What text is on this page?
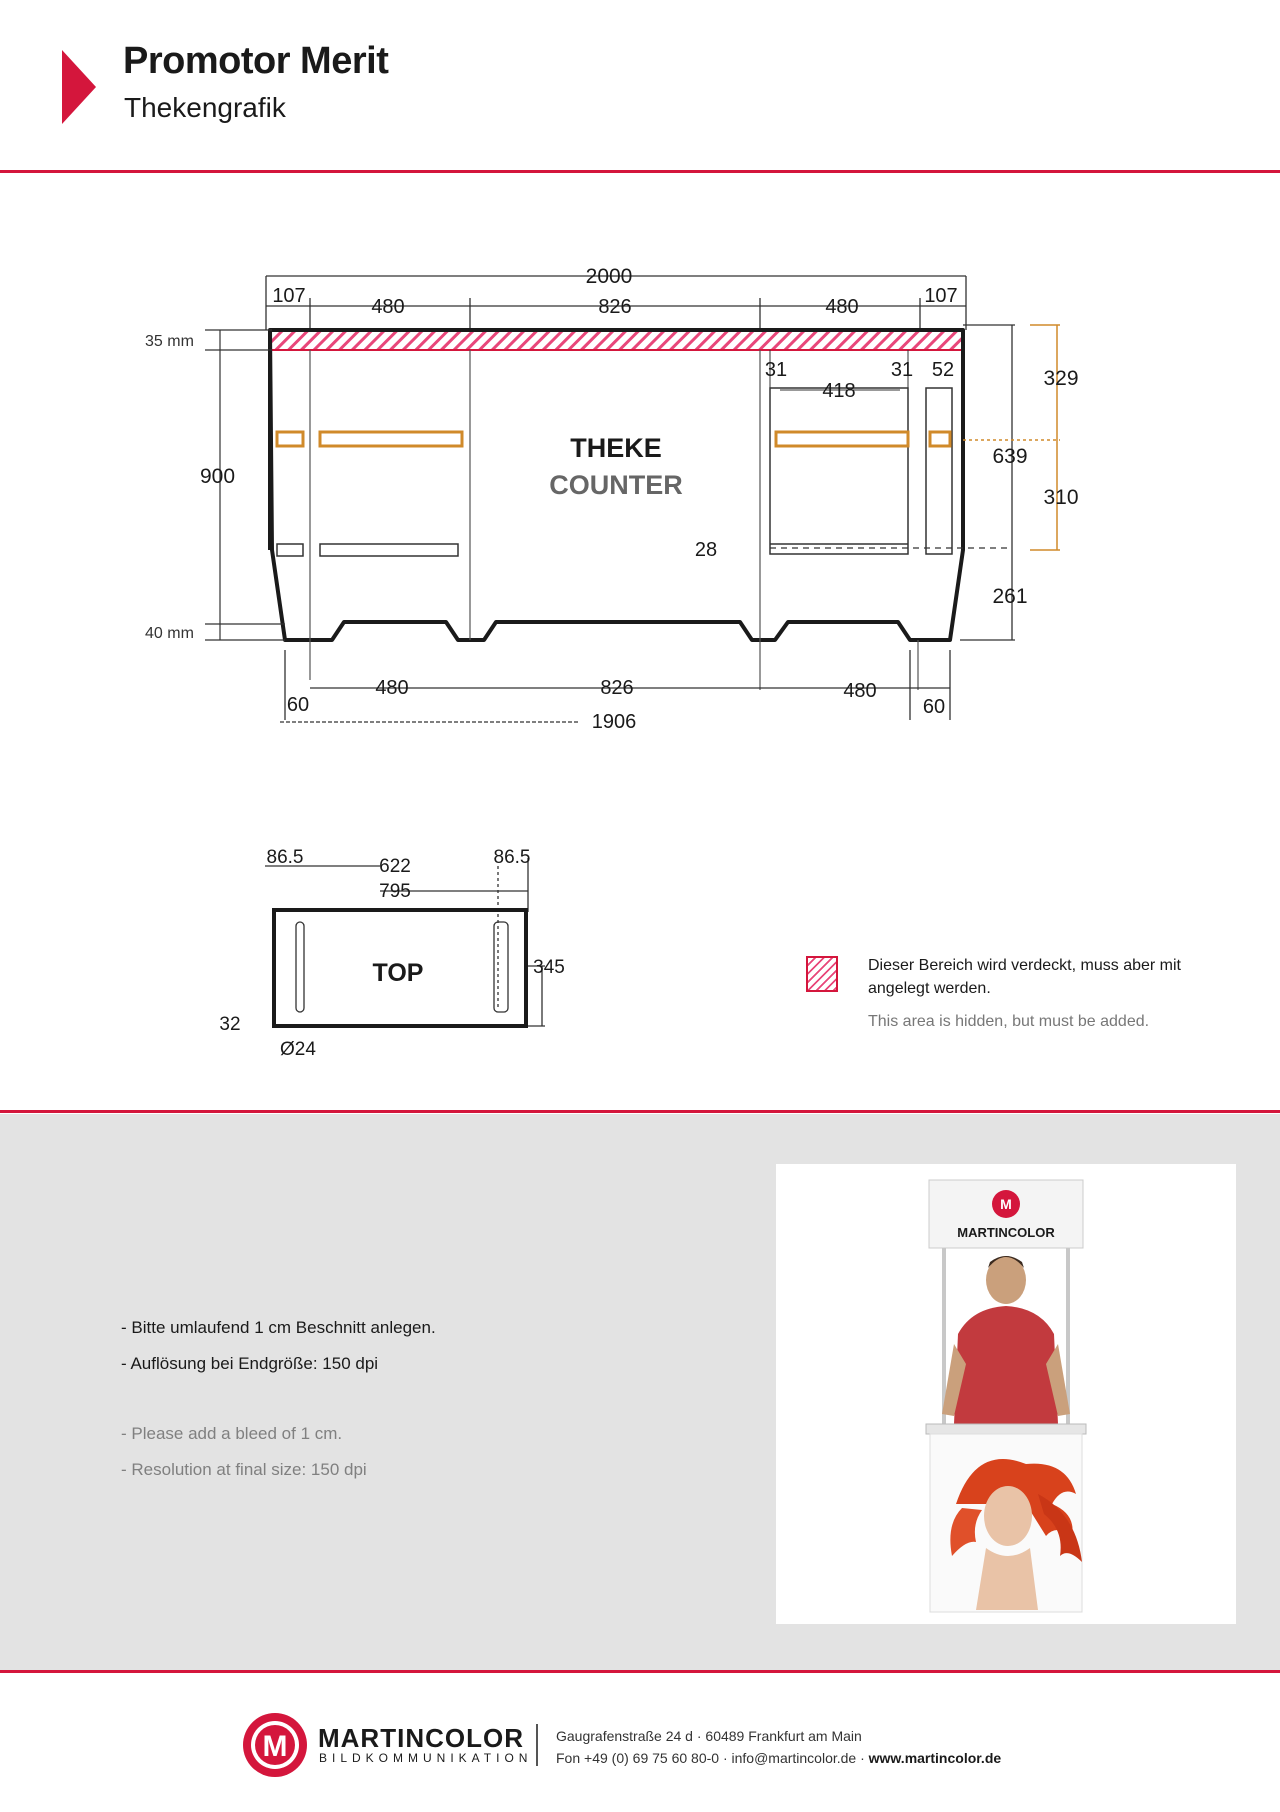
Promotor Merit
Thekengrafik
2000
107	480	826	480	107
35 mm
900
40 mm
THEKE
COUNTER
31
418
31 52
28
639
261
329
310
60
480	826	480
60
1906
TOP
86.5	622	86.5
795
345
32
Ø24
Dieser Bereich wird verdeckt, muss aber mit angelegt werden.
This area is hidden, but must be added.
- Bitte umlaufend 1 cm Beschnitt anlegen.
- Auflösung bei Endgröße: 150 dpi
- Please add a bleed of 1 cm.
- Resolution at final size: 150 dpi
M
MARTINCOLOR
M MARTINCOLOR
BILDKOMMUNIKATION
Gaugrafenstraße 24 d · 60489 Frankfurt am Main
Fon +49 (0) 69 75 60 80-0 · info@martincolor.de · www.martincolor.de
